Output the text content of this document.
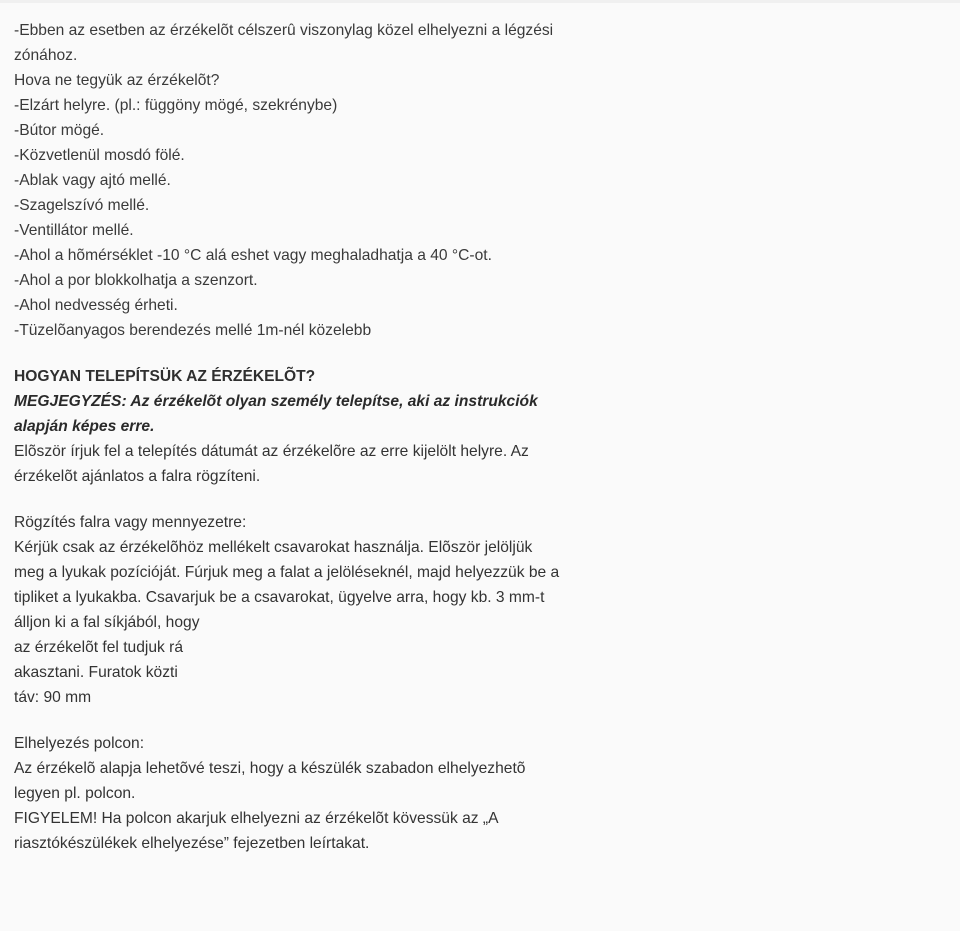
-Ebben az esetben az érzékelõt célszerû viszonylag közel elhelyezni a légzési
zónához.
Hova ne tegyük az érzékelõt?
-Elzárt helyre. (pl.: függöny mögé, szekrénybe)
-Bútor mögé.
-Közvetlenül mosdó fölé.
-Ablak vagy ajtó mellé.
-Szagelszívó mellé.
-Ventillátor mellé.
-Ahol a hõmérséklet -10 °C alá eshet vagy meghaladhatja a 40 °C-ot.
-Ahol a por blokkolhatja a szenzort.
-Ahol nedvesség érheti.
-Tüzelõanyagos berendezés mellé 1m-nél közelebb
HOGYAN TELEPÍTSÜK AZ ÉRZÉKELÕT?
MEGJEGYZÉS: Az érzékelõt olyan személy telepítse, aki az instrukciók
alapján képes erre.
Elõször írjuk fel a telepítés dátumát az érzékelõre az erre kijelölt helyre. Az
érzékelõt ajánlatos a falra rögzíteni.
Rögzítés falra vagy mennyezetre:
Kérjük csak az érzékelõhöz mellékelt csavarokat használja. Elõször jelöljük
meg a lyukak pozícióját. Fúrjuk meg a falat a jelöléseknél, majd helyezzük be a
tipliket a lyukakba. Csavarjuk be a csavarokat, ügyelve arra, hogy kb. 3 mm-t
álljon ki a fal síkjából, hogy
az érzékelõt fel tudjuk rá
akasztani. Furatok közti
táv: 90 mm
Elhelyezés polcon:
Az érzékelõ alapja lehetõvé teszi, hogy a készülék szabadon elhelyezhetõ
legyen pl. polcon.
FIGYELEM! Ha polcon akarjuk elhelyezni az érzékelõt kövessük az „A
riasztókészülékek elhelyezése” fejezetben leírtakat.
